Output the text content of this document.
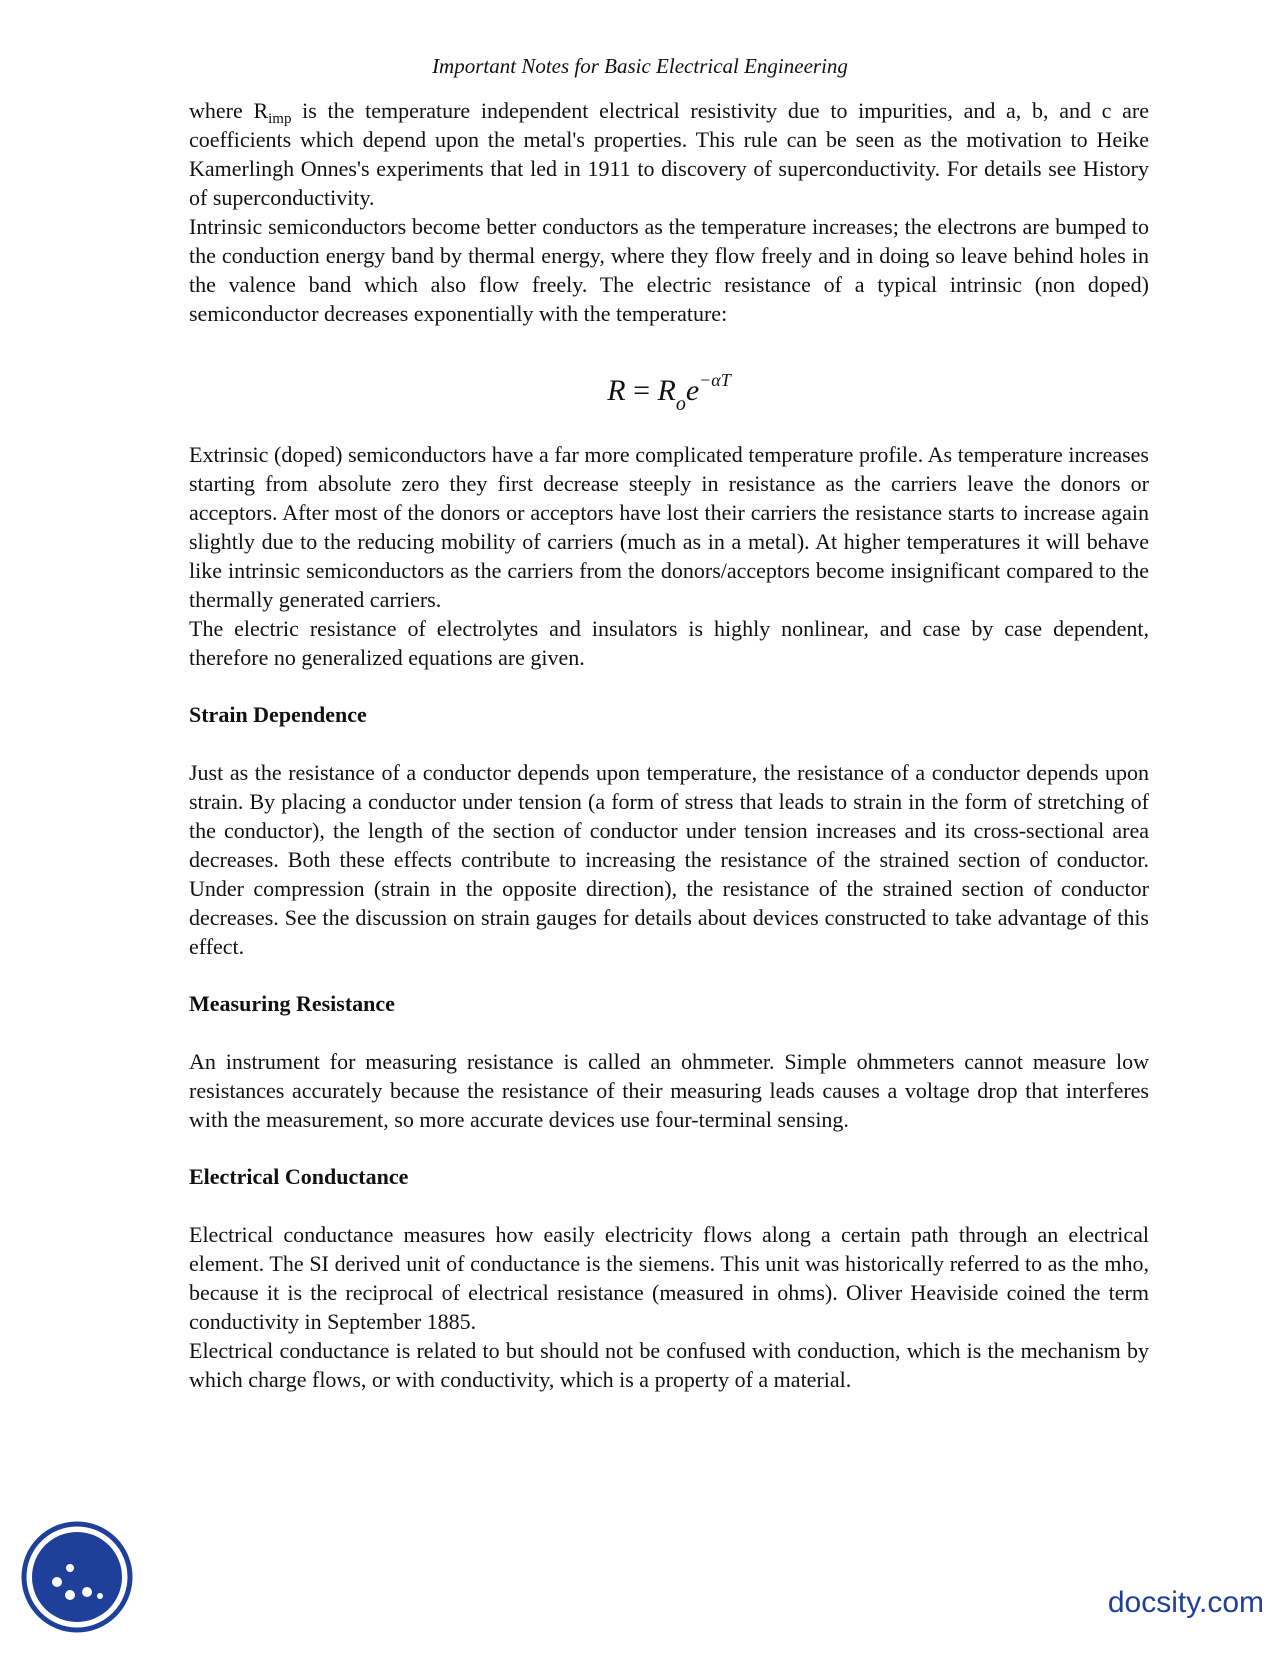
Important Notes for Basic Electrical Engineering

where $R_{imp}$ is the temperature independent electrical resistivity due to impurities, and a, b, and c are coefficients which depend upon the metal's properties. This rule can be seen as the motivation to Heike Kamerlingh Onnes's experiments that led in 1911 to discovery of superconductivity. For details see History of superconductivity.

Intrinsic semiconductors become better conductors as the temperature increases; the electrons are bumped to the conduction energy band by thermal energy, where they flow freely and in doing so leave behind holes in the valence band which also flow freely. The electric resistance of a typical intrinsic (non doped) semiconductor decreases exponentially with the temperature:

$R = R_oe^{-\alpha T}$

Extrinsic (doped) semiconductors have a far more complicated temperature profile. As temperature increases starting from absolute zero they first decrease steeply in resistance as the carriers leave the donors or acceptors. After most of the donors or acceptors have lost their carriers the resistance starts to increase again slightly due to the reducing mobility of carriers (much as in a metal). At higher temperatures it will behave like intrinsic semiconductors as the carriers from the donors/acceptors become insignificant compared to the thermally generated carriers.

The electric resistance of electrolytes and insulators is highly nonlinear, and case by case dependent, therefore no generalized equations are given.

Strain Dependence

Just as the resistance of a conductor depends upon temperature, the resistance of a conductor depends upon strain. By placing a conductor under tension (a form of stress that leads to strain in the form of stretching of the conductor), the length of the section of conductor under tension increases and its cross-sectional area decreases. Both these effects contribute to increasing the resistance of the strained section of conductor. Under compression (strain in the opposite direction), the resistance of the strained section of conductor decreases. See the discussion on strain gauges for details about devices constructed to take advantage of this effect.

Measuring Resistance

An instrument for measuring resistance is called an ohmmeter. Simple ohmmeters cannot measure low resistances accurately because the resistance of their measuring leads causes a voltage drop that interferes with the measurement, so more accurate devices use four-terminal sensing.

Electrical Conductance

Electrical conductance measures how easily electricity flows along a certain path through an electrical element. The SI derived unit of conductance is the siemens. This unit was historically referred to as the mho, because it is the reciprocal of electrical resistance (measured in ohms). Oliver Heaviside coined the term conductivity in September 1885.

Electrical conductance is related to but should not be confused with conduction, which is the mechanism by which charge flows, or with conductivity, which is a property of a material.

docsity.com
